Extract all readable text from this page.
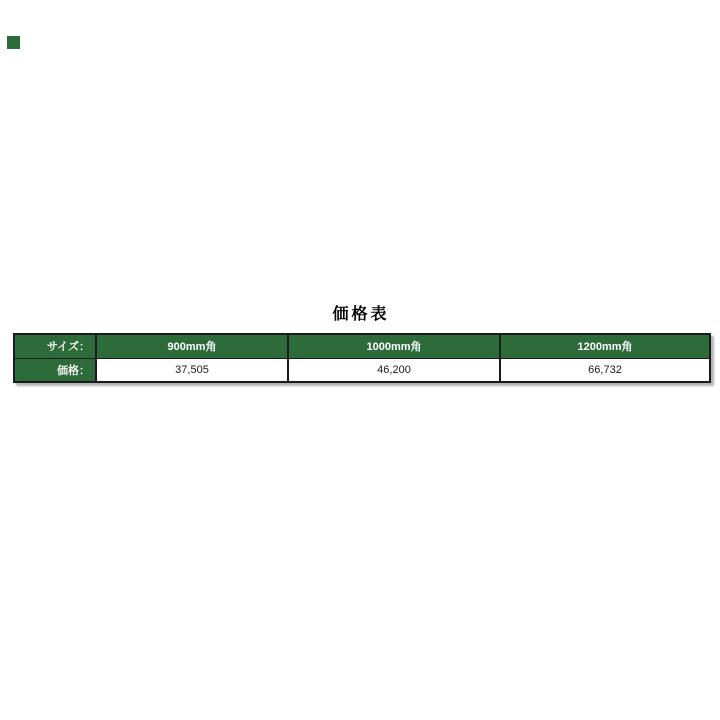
価格表
サイズ：	900mm角	1000mm角	1200mm角
価格：	37,505	46,200	66,732
